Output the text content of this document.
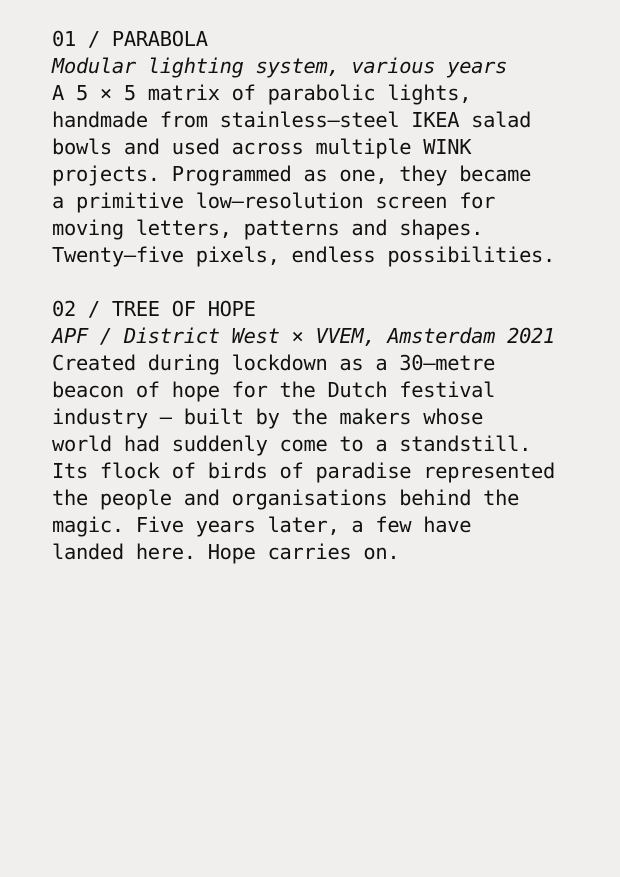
01 / PARABOLA
Modular lighting system, various years

A 5 × 5 matrix of parabolic lights,
handmade from stainless–steel IKEA salad
bowls and used across multiple WINK
projects. Programmed as one, they became
a primitive low–resolution screen for
moving letters, patterns and shapes.
Twenty–five pixels, endless possibilities.

02 / TREE OF HOPE
APF / District West × VVEM, Amsterdam 2021

Created during lockdown as a 30–metre
beacon of hope for the Dutch festival
industry – built by the makers whose
world had suddenly come to a standstill.
Its flock of birds of paradise represented
the people and organisations behind the
magic. Five years later, a few have
landed here. Hope carries on.
